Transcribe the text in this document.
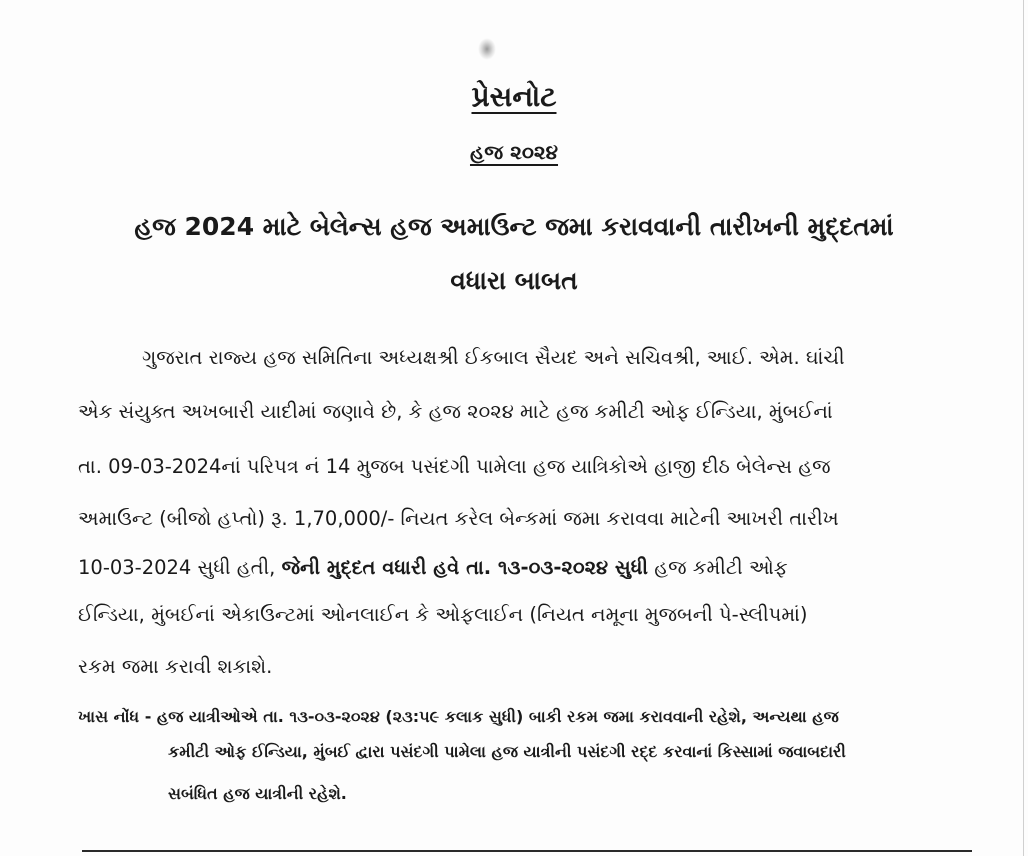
પ્રેસનોટ
હજ ૨૦૨૪
હજ 2024 માટે બેલેન્સ હજ અમાઉન્ટ જમા કરાવવાની તારીખની મુદ્દતમાં
વધારા બાબત
ગુજરાત રાજ્ય હજ સમિતિના અધ્યક્ષશ્રી ઈકબાલ સૈયદ અને સચિવશ્રી, આઈ. એમ. ઘાંચી
એક સંયુક્ત અખબારી યાદીમાં જણાવે છે, કે હજ ૨૦૨૪ માટે હજ કમીટી ઓફ ઈન્ડિયા, મુંબઈનાં
તા. 09-03-2024નાં પરિપત્ર નં 14 મુજબ પસંદગી પામેલા હજ યાત્રિકોએ હાજી દીઠ બેલેન્સ હજ
અમાઉન્ટ (બીજો હપ્તો) રૂ. 1,70,000/- નિયત કરેલ બેન્કમાં જમા કરાવવા માટેની આખરી તારીખ
10-03-2024 સુધી હતી, જેની મુદ્દત વધારી હવે તા. ૧૩-૦૩-૨૦૨૪ સુધી હજ કમીટી ઓફ
ઈન્ડિયા, મુંબઈનાં એકાઉન્ટમાં ઓનલાઈન કે ઓફલાઈન (નિયત નમૂના મુજબની પે-સ્લીપમાં)
રકમ જમા કરાવી શકાશે.
ખાસ નોંધ - હજ યાત્રીઓએ તા. ૧૩-૦૩-૨૦૨૪ (૨૩:૫૯ કલાક સુધી) બાકી રકમ જમા કરાવવાની રહેશે, અન્યથા હજ
કમીટી ઓફ ઈન્ડિયા, મુંબઈ દ્વારા પસંદગી પામેલા હજ યાત્રીની પસંદગી રદ્દ કરવાનાં કિસ્સામાં જવાબદારી
સબંધિત હજ યાત્રીની રહેશે.
